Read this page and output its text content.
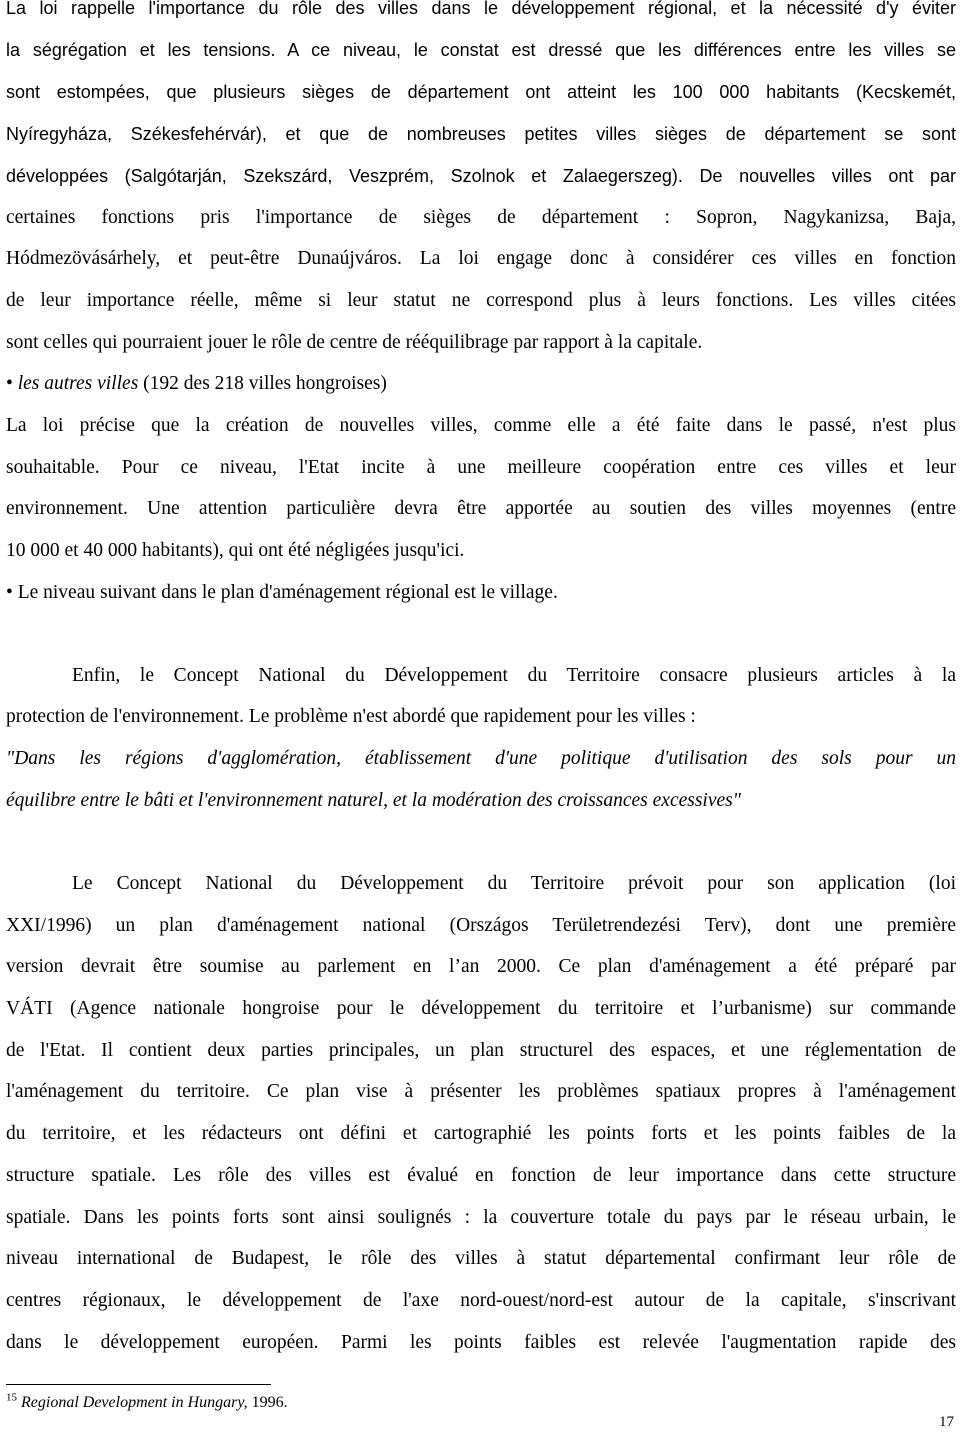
La loi rappelle l'importance du rôle des villes dans le développement régional, et la nécessité d'y éviter
la ségrégation et les tensions. A ce niveau, le constat est dressé que les différences entre les villes se
sont estompées, que plusieurs sièges de département ont atteint les 100 000 habitants (Kecskemét,
Nyíregyháza, Székesfehérvár), et que de nombreuses petites villes sièges de département se sont
développées (Salgótarján, Szekszárd, Veszprém, Szolnok et Zalaegerszeg). De nouvelles villes ont par
certaines fonctions pris l'importance de sièges de département : Sopron, Nagykanizsa, Baja,
Hódmezövásárhely, et peut-être Dunaújváros. La loi engage donc à considérer ces villes en fonction
de leur importance réelle, même si leur statut ne correspond plus à leurs fonctions. Les villes citées
sont celles qui pourraient jouer le rôle de centre de rééquilibrage par rapport à la capitale.
• les autres villes (192 des 218 villes hongroises)
La loi précise que la création de nouvelles villes, comme elle a été faite dans le passé, n'est plus
souhaitable. Pour ce niveau, l'Etat incite à une meilleure coopération entre ces villes et leur
environnement. Une attention particulière devra être apportée au soutien des villes moyennes (entre
10 000 et 40 000 habitants), qui ont été négligées jusqu'ici.
• Le niveau suivant dans le plan d'aménagement régional est le village.
Enfin, le Concept National du Développement du Territoire consacre plusieurs articles à la
protection de l'environnement. Le problème n'est abordé que rapidement pour les villes :
"Dans les régions d'agglomération, établissement d'une politique d'utilisation des sols pour un
équilibre entre le bâti et l'environnement naturel, et la modération des croissances excessives"
Le Concept National du Développement du Territoire prévoit pour son application (loi
XXI/1996) un plan d'aménagement national (Országos Területrendezési Terv), dont une première
version devrait être soumise au parlement en l’an 2000. Ce plan d'aménagement a été préparé par
VÁTI (Agence nationale hongroise pour le développement du territoire et l’urbanisme) sur commande
de l'Etat. Il contient deux parties principales, un plan structurel des espaces, et une réglementation de
l'aménagement du territoire. Ce plan vise à présenter les problèmes spatiaux propres à l'aménagement
du territoire, et les rédacteurs ont défini et cartographié les points forts et les points faibles de la
structure spatiale. Les rôle des villes est évalué en fonction de leur importance dans cette structure
spatiale. Dans les points forts sont ainsi soulignés : la couverture totale du pays par le réseau urbain, le
niveau international de Budapest, le rôle des villes à statut départemental confirmant leur rôle de
centres régionaux, le développement de l'axe nord-ouest/nord-est autour de la capitale, s'inscrivant
dans le développement européen. Parmi les points faibles est relevée l'augmentation rapide des
$^{15}$ Regional Development in Hungary, 1996.
17
